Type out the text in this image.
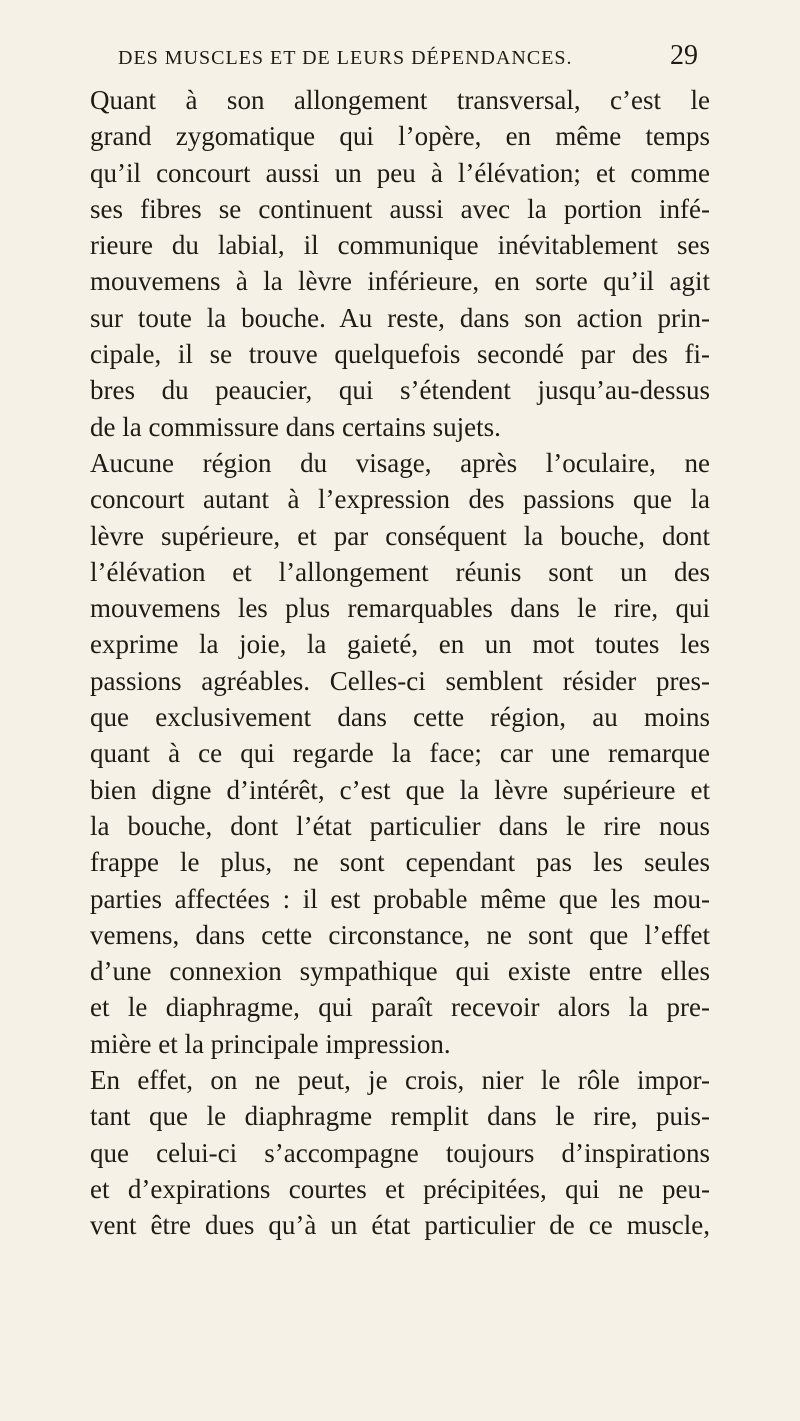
DES MUSCLES ET DE LEURS DÉPENDANCES.	29
Quant à son allongement transversal, c’est le
grand zygomatique qui l’opère, en même temps
qu’il concourt aussi un peu à l’élévation; et comme
ses fibres se continuent aussi avec la portion infé-
rieure du labial, il communique inévitablement ses
mouvemens à la lèvre inférieure, en sorte qu’il agit
sur toute la bouche. Au reste, dans son action prin-
cipale, il se trouve quelquefois secondé par des fi-
bres du peaucier, qui s’étendent jusqu’au-dessus
de la commissure dans certains sujets.
Aucune région du visage, après l’oculaire, ne
concourt autant à l’expression des passions que la
lèvre supérieure, et par conséquent la bouche, dont
l’élévation et l’allongement réunis sont un des
mouvemens les plus remarquables dans le rire, qui
exprime la joie, la gaieté, en un mot toutes les
passions agréables. Celles-ci semblent résider pres-
que exclusivement dans cette région, au moins
quant à ce qui regarde la face; car une remarque
bien digne d’intérêt, c’est que la lèvre supérieure et
la bouche, dont l’état particulier dans le rire nous
frappe le plus, ne sont cependant pas les seules
parties affectées : il est probable même que les mou-
vemens, dans cette circonstance, ne sont que l’effet
d’une connexion sympathique qui existe entre elles
et le diaphragme, qui paraît recevoir alors la pre-
mière et la principale impression.
En effet, on ne peut, je crois, nier le rôle impor-
tant que le diaphragme remplit dans le rire, puis-
que celui-ci s’accompagne toujours d’inspirations
et d’expirations courtes et précipitées, qui ne peu-
vent être dues qu’à un état particulier de ce muscle,
